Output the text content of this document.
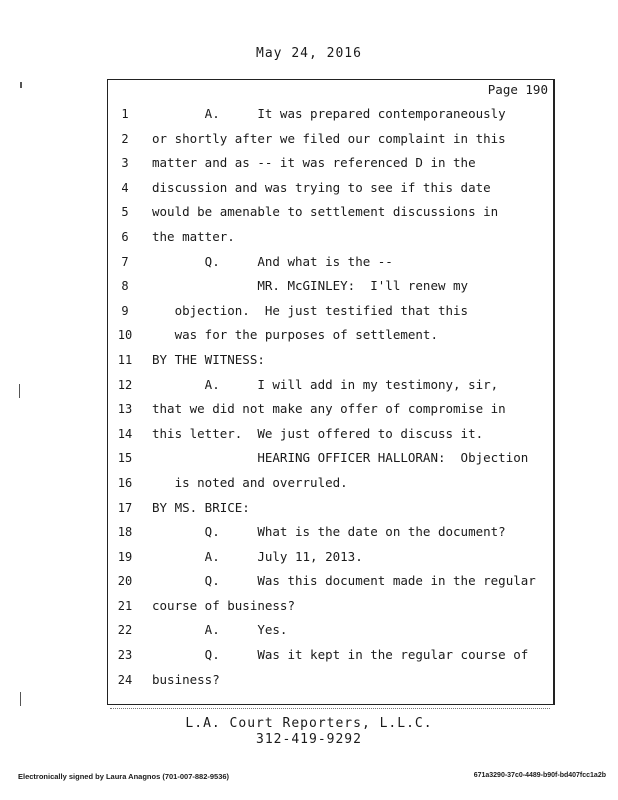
May 24, 2016
Page 190
1
2
3
4
5
6
7
8
9
10
11
12
13
14
15
16
17
18
19
20
21
22
23
24
A.     It was prepared contemporaneously
or shortly after we filed our complaint in this
matter and as -- it was referenced D in the
discussion and was trying to see if this date
would be amenable to settlement discussions in
the matter.
Q.     And what is the --
MR. McGINLEY:  I'll renew my
objection.  He just testified that this
was for the purposes of settlement.
BY THE WITNESS:
A.     I will add in my testimony, sir,
that we did not make any offer of compromise in
this letter.  We just offered to discuss it.
HEARING OFFICER HALLORAN:  Objection
is noted and overruled.
BY MS. BRICE:
Q.     What is the date on the document?
A.     July 11, 2013.
Q.     Was this document made in the regular
course of business?
A.     Yes.
Q.     Was it kept in the regular course of
business?
L.A. Court Reporters, L.L.C.
312-419-9292
Electronically signed by Laura Anagnos (701-007-882-9536)	671a3290-37c0-4489-b90f-bd407fcc1a2b
